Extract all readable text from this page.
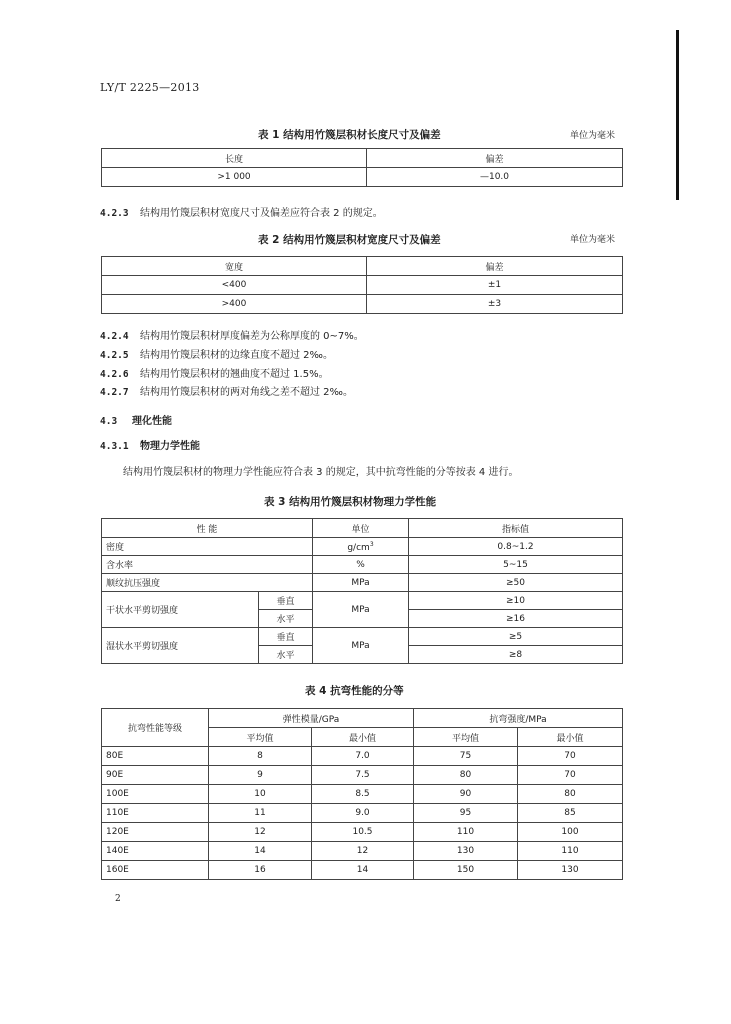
LY/T 2225—2013
表 1 结构用竹篾层积材长度尺寸及偏差	单位为毫米
长度	偏差
>1 000	—10.0
4.2.3 结构用竹篾层积材宽度尺寸及偏差应符合表 2 的规定。
表 2 结构用竹篾层积材宽度尺寸及偏差	单位为毫米
宽度	偏差
<400	±1
>400	±3
4.2.4 结构用竹篾层积材厚度偏差为公称厚度的 0~7%。
4.2.5 结构用竹篾层积材的边缘直度不超过 2‰。
4.2.6 结构用竹篾层积材的翘曲度不超过 1.5%。
4.2.7 结构用竹篾层积材的两对角线之差不超过 2‰。
4.3 理化性能
4.3.1 物理力学性能
结构用竹篾层积材的物理力学性能应符合表 3 的规定，其中抗弯性能的分等按表 4 进行。
表 3 结构用竹篾层积材物理力学性能
性 能		单位	指标值
密度		$g/cm^3$	0.8~1.2
含水率		%	5~15
顺纹抗压强度		MPa	≥50
干状水平剪切强度	垂直	MPa	≥10
	水平		≥16
湿状水平剪切强度	垂直	MPa	≥5
	水平		≥8
表 4 抗弯性能的分等
抗弯性能等级	弹性模量/GPa		抗弯强度/MPa	
	平均值	最小值	平均值	最小值
80E	8	7.0	75	70
90E	9	7.5	80	70
100E	10	8.5	90	80
110E	11	9.0	95	85
120E	12	10.5	110	100
140E	14	12	130	110
160E	16	14	150	130
2
